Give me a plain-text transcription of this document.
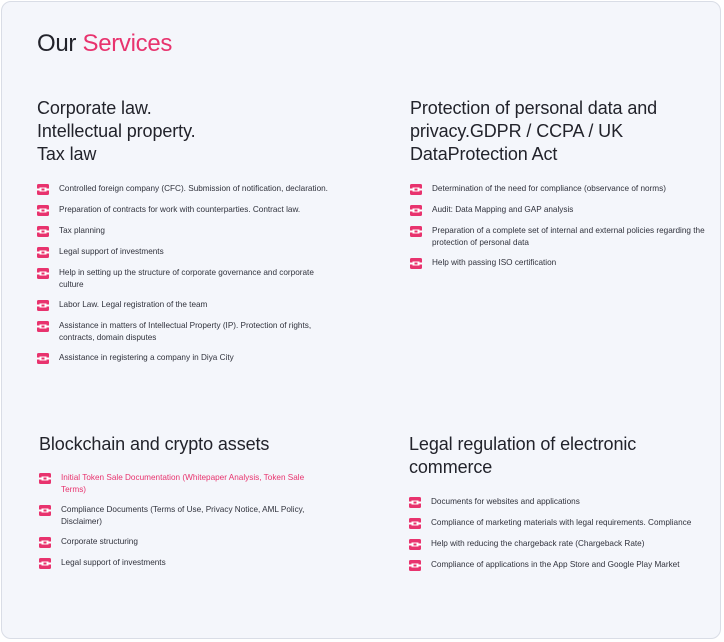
Our Services
Corporate law.
Intellectual property.
Tax law
Controlled foreign company (CFC). Submission of notification, declaration.
Preparation of contracts for work with counterparties. Contract law.
Tax planning
Legal support of investments
Help in setting up the structure of corporate governance and corporate culture
Labor Law. Legal registration of the team
Assistance in matters of Intellectual Property (IP). Protection of rights, contracts, domain disputes
Assistance in registering a company in Diya City
Protection of personal data and
privacy.GDPR / CCPA / UK
DataProtection Act
Determination of the need for compliance (observance of norms)
Audit: Data Mapping and GAP analysis
Preparation of a complete set of internal and external policies regarding the protection of personal data
Help with passing ISO certification
Blockchain and crypto assets
Initial Token Sale Documentation (Whitepaper Analysis, Token Sale Terms)
Compliance Documents (Terms of Use, Privacy Notice, AML Policy, Disclaimer)
Corporate structuring
Legal support of investments
Legal regulation of electronic
commerce
Documents for websites and applications
Compliance of marketing materials with legal requirements. Compliance
Help with reducing the chargeback rate (Chargeback Rate)
Compliance of applications in the App Store and Google Play Market
